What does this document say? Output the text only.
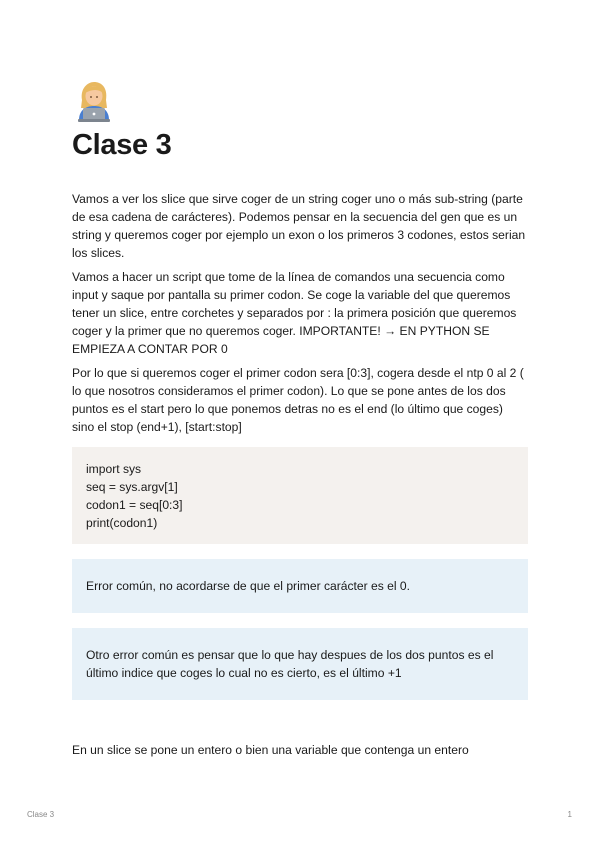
Clase 3

Vamos a ver los slice que sirve coger de un string coger uno o más sub-string (parte de esa cadena de carácteres). Podemos pensar en la secuencia del gen que es un string y queremos coger por ejemplo un exon o los primeros 3 codones, estos serian los slices.

Vamos a hacer un script que tome de la línea de comandos una secuencia como input y saque por pantalla su primer codon. Se coge la variable del que queremos tener un slice, entre corchetes y separados por : la primera posición que queremos coger y la primer que no queremos coger. IMPORTANTE! → EN PYTHON SE EMPIEZA A CONTAR POR 0

Por lo que si queremos coger el primer codon sera [0:3], cogera desde el ntp 0 al 2 ( lo que nosotros consideramos el primer codon). Lo que se pone antes de los dos puntos es el start pero lo que ponemos detras no es el end (lo último que coges) sino el stop (end+1), [start:stop]

import sys
seq = sys.argv[1]
codon1 = seq[0:3]
print(codon1)
Error común, no acordarse de que el primer carácter es el 0.
Otro error común es pensar que lo que hay despues de los dos puntos es el último indice que coges lo cual no es cierto, es el último +1

En un slice se pone un entero o bien una variable que contenga un entero

Clase 3	1
